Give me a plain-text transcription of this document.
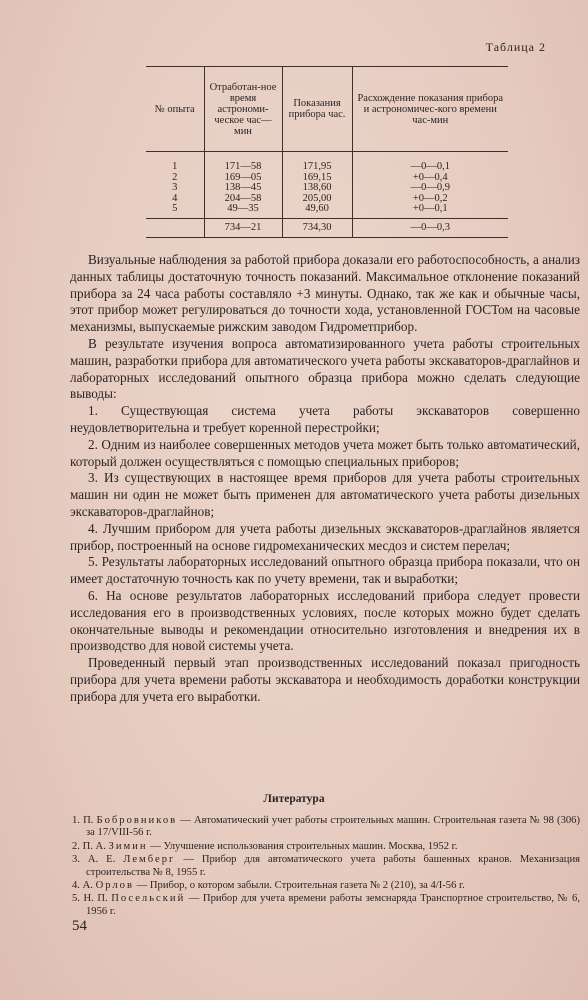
Таблица 2
№ опыта	Отработан-ное время астрономи-ческое час—мин	Показания прибора час.	Расхождение показания прибора и астрономичес-кого времени час-мин
1	171—58	171,95	—0—0,1
2	169—05	169,15	+0—0,4
3	138—45	138,60	—0—0,9
4	204—58	205,00	+0—0,2
5	49—35	49,60	+0—0,1
	734—21	734,30	—0—0,3

Визуальные наблюдения за работой прибора доказали его работоспособность, а анализ данных таблицы достаточную точность показаний. Максимальное отклонение показаний прибора за 24 часа работы составляло +3 минуты. Однако, так же как и обычные часы, этот прибор может регулироваться до точности хода, установленной ГОСТом на часовые механизмы, выпускаемые рижским заводом Гидрометприбор.

В результате изучения вопроса автоматизированного учета работы строительных машин, разработки прибора для автоматического учета работы экскаваторов-драглайнов и лабораторных исследований опытного образца прибора можно сделать следующие выводы:

1. Существующая система учета работы экскаваторов совершенно неудовлетворительна и требует коренной перестройки;

2. Одним из наиболее совершенных методов учета может быть только автоматический, который должен осуществляться с помощью специальных приборов;

3. Из существующих в настоящее время приборов для учета работы строительных машин ни один не может быть применен для автоматического учета работы дизельных экскаваторов-драглайнов;

4. Лучшим прибором для учета работы дизельных экскаваторов-драглайнов является прибор, построенный на основе гидромеханических месдоз и систем перелач;

5. Результаты лабораторных исследований опытного образца прибора показали, что он имеет достаточную точность как по учету времени, так и выработки;

6. На основе результатов лабораторных исследований прибора следует провести исследования его в производственных условиях, после которых можно будет сделать окончательные выводы и рекомендации относительно изготовления и внедрения их в производство для новой системы учета.

Проведенный первый этап производственных исследований показал пригодность прибора для учета времени работы экскаватора и необходимость доработки конструкции прибора для учета его выработки.

Литература
1. П. Бобровников — Автоматический учет работы строительных машин. Строительная газета № 98 (306) за 17/VIII-56 г.
2. П. А. Зимин — Улучшение использования строительных машин. Москва, 1952 г.
3. А. Е. Лемберг — Прибор для автоматического учета работы башенных кранов. Механизация строительства № 8, 1955 г.
4. А. Орлов — Прибор, о котором забыли. Строительная газета № 2 (210), за 4/I-56 г.
5. Н. П. Посельский — Прибор для учета времени работы земснаряда Транспортное строительство, № 6, 1956 г.
54
